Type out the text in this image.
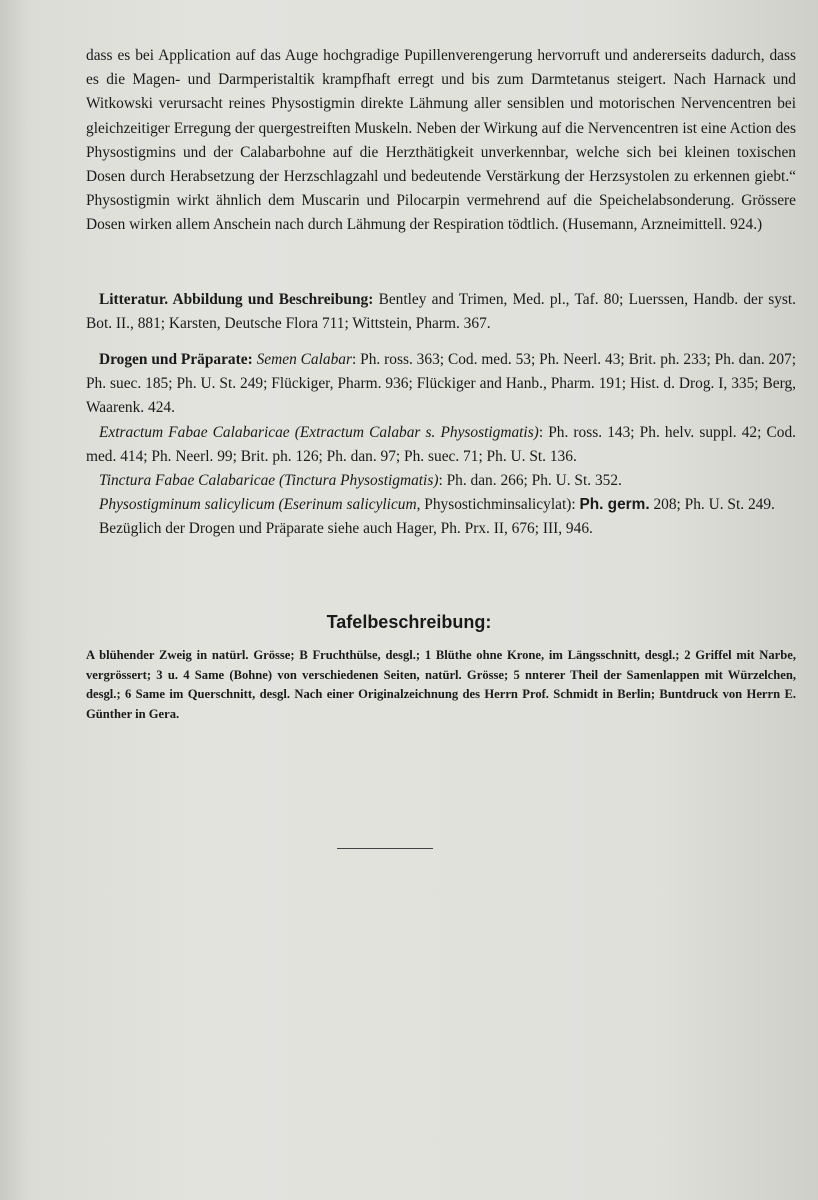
dass es bei Application auf das Auge hochgradige Pupillenverengerung hervorruft und andererseits dadurch, dass es die Magen- und Darmperistaltik krampfhaft erregt und bis zum Darmtetanus steigert. Nach Harnack und Witkowski verursacht reines Physostigmin direkte Lähmung aller sensiblen und motorischen Nervencentren bei gleichzeitiger Erregung der quergestreiften Muskeln. Neben der Wirkung auf die Nervencentren ist eine Action des Physostigmins und der Calabarbohne auf die Herzthätigkeit unverkennbar, welche sich bei kleinen toxischen Dosen durch Herabsetzung der Herzschlagzahl und bedeutende Verstärkung der Herzsystolen zu erkennen giebt.“ Physostigmin wirkt ähnlich dem Muscarin und Pilocarpin vermehrend auf die Speichelabsonderung. Grössere Dosen wirken allem Anschein nach durch Lähmung der Respiration tödtlich. (Husemann, Arzneimittell. 924.)

Litteratur. Abbildung und Beschreibung: Bentley and Trimen, Med. pl., Taf. 80; Luerssen, Handb. der syst. Bot. II., 881; Karsten, Deutsche Flora 711; Wittstein, Pharm. 367.

Drogen und Präparate: Semen Calabar: Ph. ross. 363; Cod. med. 53; Ph. Neerl. 43; Brit. ph. 233; Ph. dan. 207; Ph. suec. 185; Ph. U. St. 249; Flückiger, Pharm. 936; Flückiger and Hanb., Pharm. 191; Hist. d. Drog. I, 335; Berg, Waarenk. 424.

Extractum Fabae Calabaricae (Extractum Calabar s. Physostigmatis): Ph. ross. 143; Ph. helv. suppl. 42; Cod. med. 414; Ph. Neerl. 99; Brit. ph. 126; Ph. dan. 97; Ph. suec. 71; Ph. U. St. 136.

Tinctura Fabae Calabaricae (Tinctura Physostigmatis): Ph. dan. 266; Ph. U. St. 352.

Physostigminum salicylicum (Eserinum salicylicum, Physostichminsalicylat): Ph. germ. 208; Ph. U. St. 249.

Bezüglich der Drogen und Präparate siehe auch Hager, Ph. Prx. II, 676; III, 946.

Tafelbeschreibung:

A blühender Zweig in natürl. Grösse; B Fruchthülse, desgl.; 1 Blüthe ohne Krone, im Längsschnitt, desgl.; 2 Griffel mit Narbe, vergrössert; 3 u. 4 Same (Bohne) von verschiedenen Seiten, natürl. Grösse; 5 nnterer Theil der Samenlappen mit Würzelchen, desgl.; 6 Same im Querschnitt, desgl. Nach einer Originalzeichnung des Herrn Prof. Schmidt in Berlin; Buntdruck von Herrn E. Günther in Gera.
